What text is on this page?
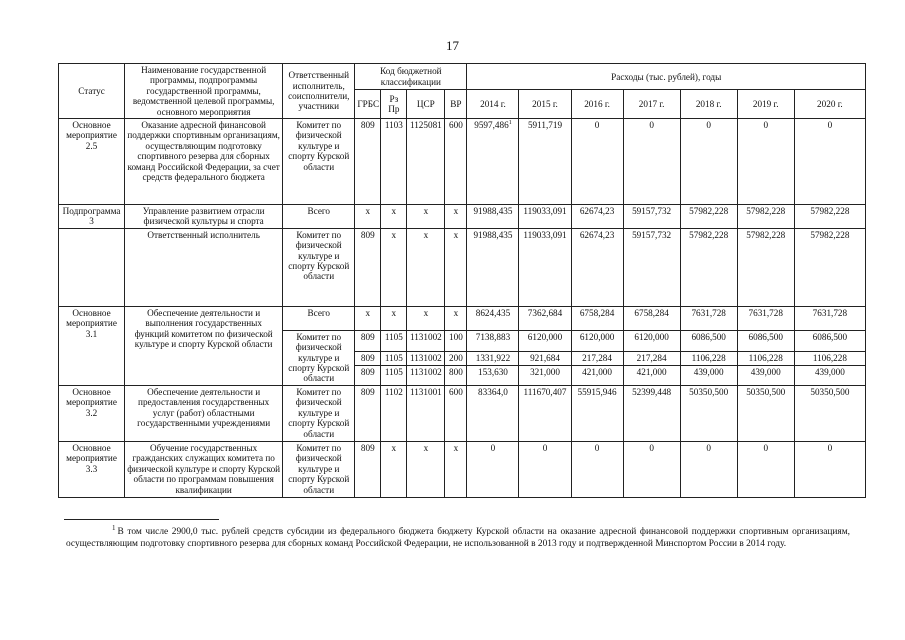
17
Статус	Наименование государственной программы, подпрограммы государственной программы, ведомственной целевой программы, основного мероприятия	Ответственный исполнитель, соисполнители, участники	Код бюджетной классификации				Расходы (тыс. рублей), годы						
			ГРБС	Рз Пр	ЦСР	ВР	2014 г.	2015 г.	2016 г.	2017 г.	2018 г.	2019 г.	2020 г.
Основное мероприятие 2.5	Оказание адресной финансовой поддержки спортивным организациям, осуществляющим подготовку спортивного резерва для сборных команд Российской Федерации, за счет средств федерального бюджета	Комитет по физической культуре и спорту Курской области	809	1103	1125081	600	9597,486$^1$	5911,719	0	0	0	0	0
Подпрограмма 3	Управление развитием отрасли физической культуры и спорта	Всего	х	х	х	х	91988,435	119033,091	62674,23	59157,732	57982,228	57982,228	57982,228
	Ответственный исполнитель	Комитет по физической культуре и спорту Курской области	809	х	х	х	91988,435	119033,091	62674,23	59157,732	57982,228	57982,228	57982,228
Основное мероприятие 3.1	Обеспечение деятельности и выполнения государственных функций комитетом по физической культуре и спорту Курской области	Всего	х	х	х	х	8624,435	7362,684	6758,284	6758,284	7631,728	7631,728	7631,728
		Комитет по физической культуре и спорту Курской области	809	1105	1131002	100	7138,883	6120,000	6120,000	6120,000	6086,500	6086,500	6086,500
			809	1105	1131002	200	1331,922	921,684	217,284	217,284	1106,228	1106,228	1106,228
			809	1105	1131002	800	153,630	321,000	421,000	421,000	439,000	439,000	439,000
Основное мероприятие 3.2	Обеспечение деятельности и предоставления государственных услуг (работ) областными государственными учреждениями	Комитет по физической культуре и спорту Курской области	809	1102	1131001	600	83364,0	111670,407	55915,946	52399,448	50350,500	50350,500	50350,500
Основное мероприятие 3.3	Обучение государственных гражданских служащих комитета по физической культуре и спорту Курской области по программам повышения квалификации	Комитет по физической культуре и спорту Курской области	809	х	х	х	0	0	0	0	0	0	0
$^1$ В том числе 2900,0 тыс. рублей средств субсидии из федерального бюджета бюджету Курской области на оказание адресной финансовой поддержки спортивным организациям, осуществляющим подготовку спортивного резерва для сборных команд Российской Федерации, не использованной в 2013 году и подтвержденной Минспортом России в 2014 году.
